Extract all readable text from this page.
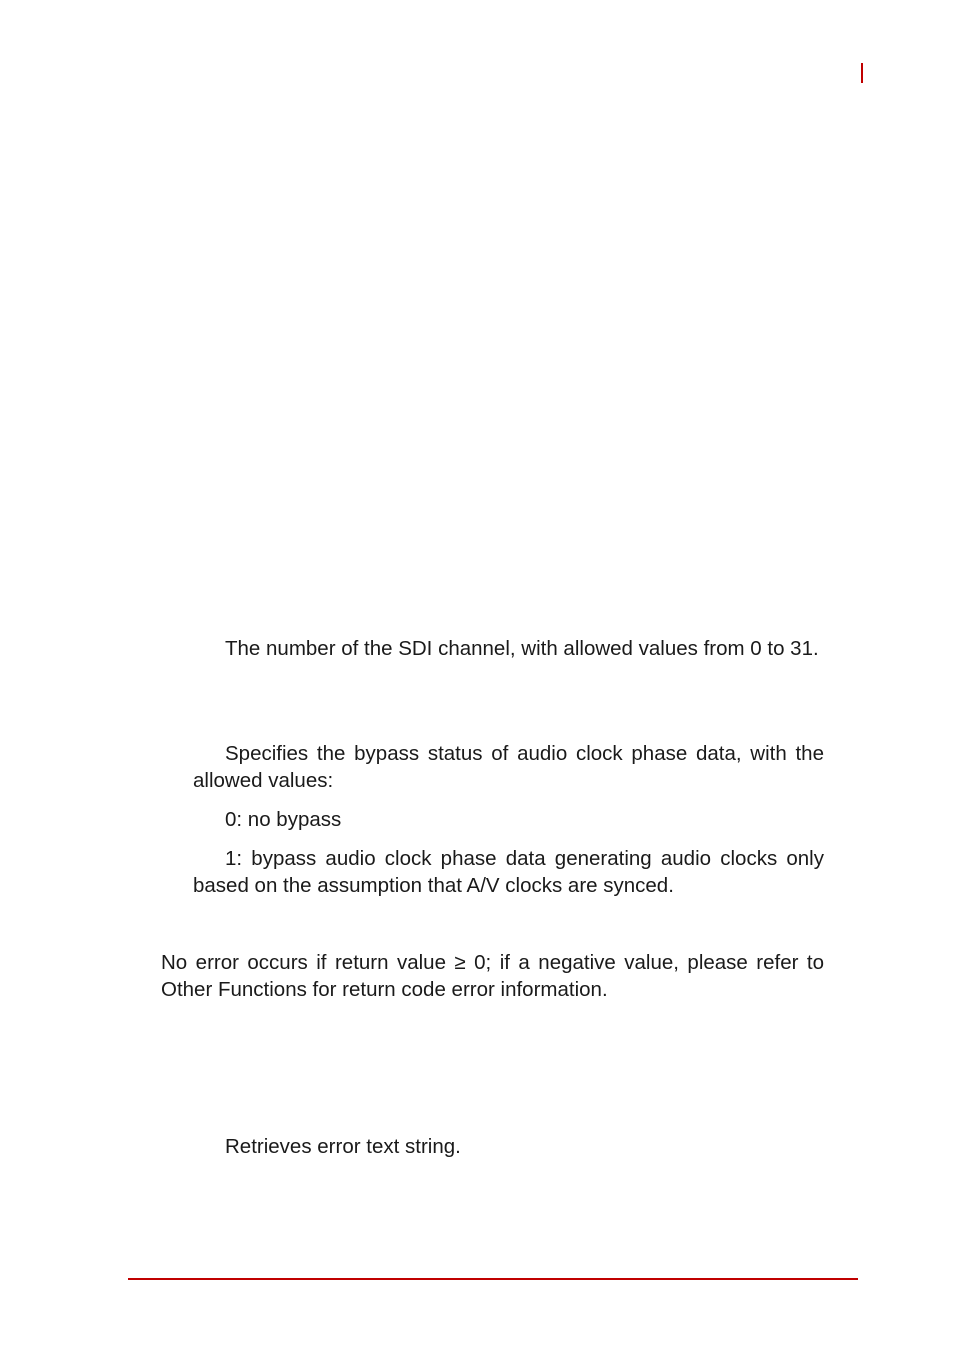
The number of the SDI channel, with allowed values from 0 to 31.

Specifies the bypass status of audio clock phase data, with the allowed values:

0: no bypass

1: bypass audio clock phase data generating audio clocks only based on the assumption that A/V clocks are synced.

No error occurs if return value ≥ 0; if a negative value, please refer to Other Functions for return code error information.

Retrieves error text string.
